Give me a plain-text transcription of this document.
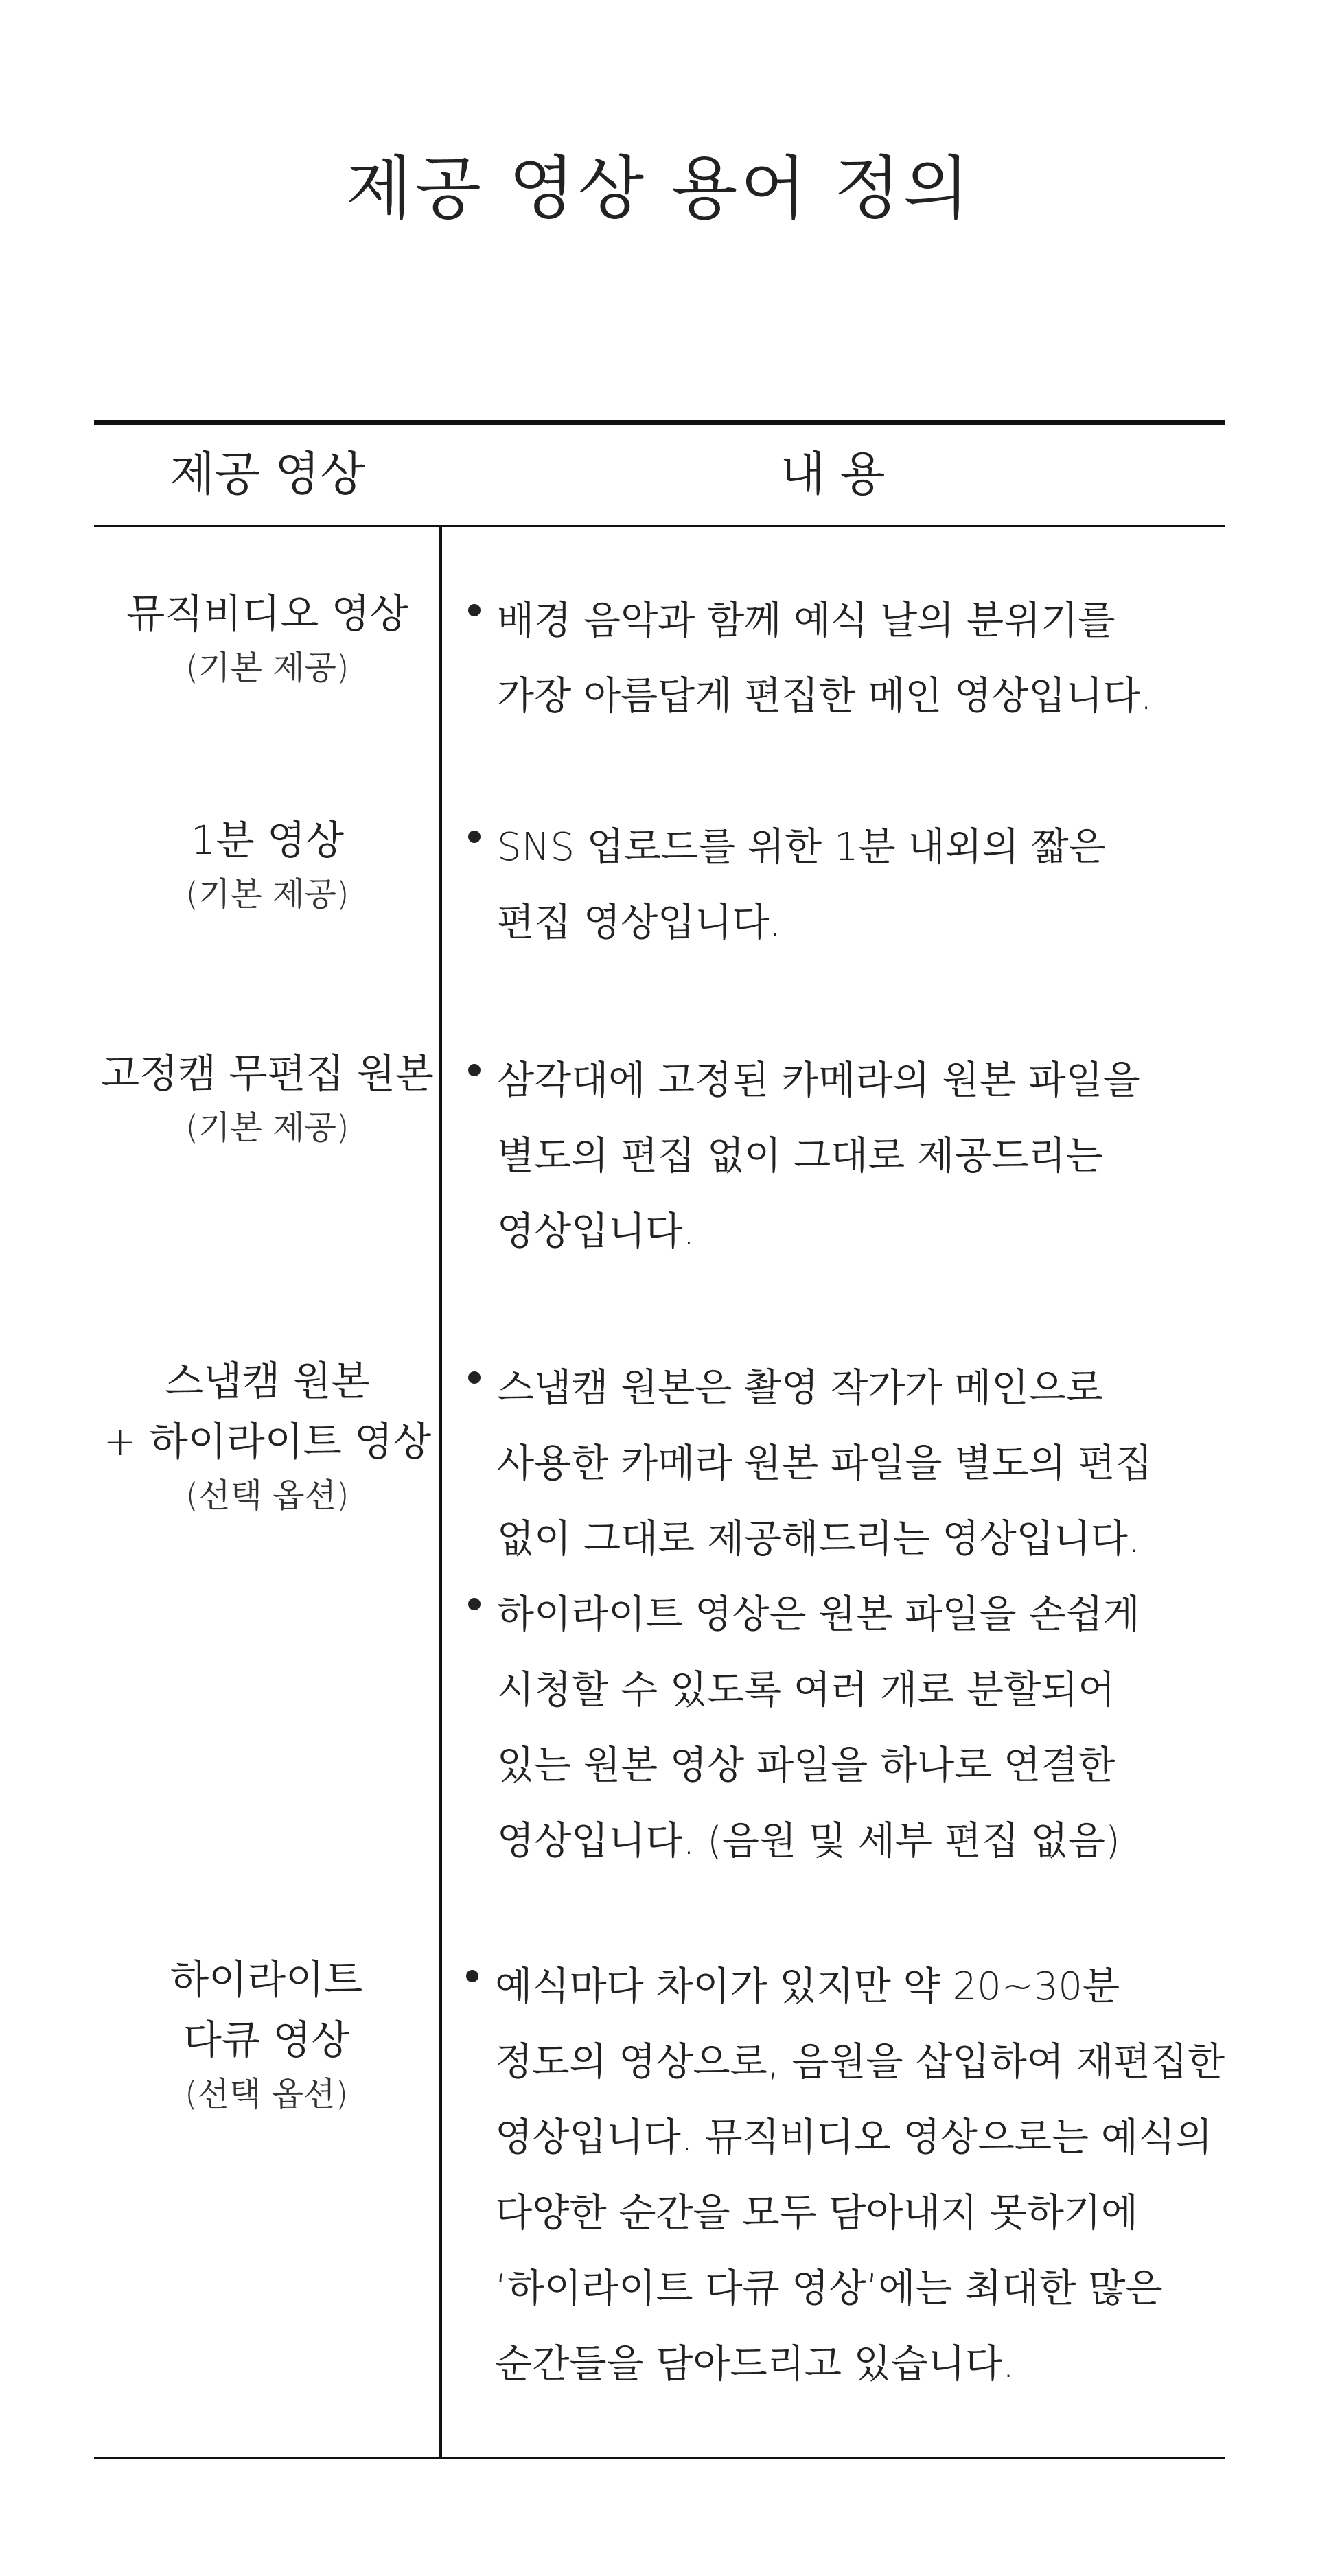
제공 영상 용어 정의
제공 영상	내 용

뮤직비디오 영상

(기본 제공)

배경 음악과 함께 예식 날의 분위기를
가장 아름답게 편집한 메인 영상입니다.

1분 영상

(기본 제공)

SNS 업로드를 위한 1분 내외의 짧은
편집 영상입니다.

고정캠 무편집 원본

(기본 제공)

삼각대에 고정된 카메라의 원본 파일을
별도의 편집 없이 그대로 제공드리는
영상입니다.

스냅캠 원본

+ 하이라이트 영상

(선택 옵션)

스냅캠 원본은 촬영 작가가 메인으로
사용한 카메라 원본 파일을 별도의 편집
없이 그대로 제공해드리는 영상입니다.
하이라이트 영상은 원본 파일을 손쉽게
시청할 수 있도록 여러 개로 분할되어
있는 원본 영상 파일을 하나로 연결한
영상입니다. (음원 및 세부 편집 없음)

하이라이트

다큐 영상

(선택 옵션)

예식마다 차이가 있지만 약 20~30분
정도의 영상으로, 음원을 삽입하여 재편집한
영상입니다. 뮤직비디오 영상으로는 예식의
다양한 순간을 모두 담아내지 못하기에
‘하이라이트 다큐 영상’에는 최대한 많은
순간들을 담아드리고 있습니다.
